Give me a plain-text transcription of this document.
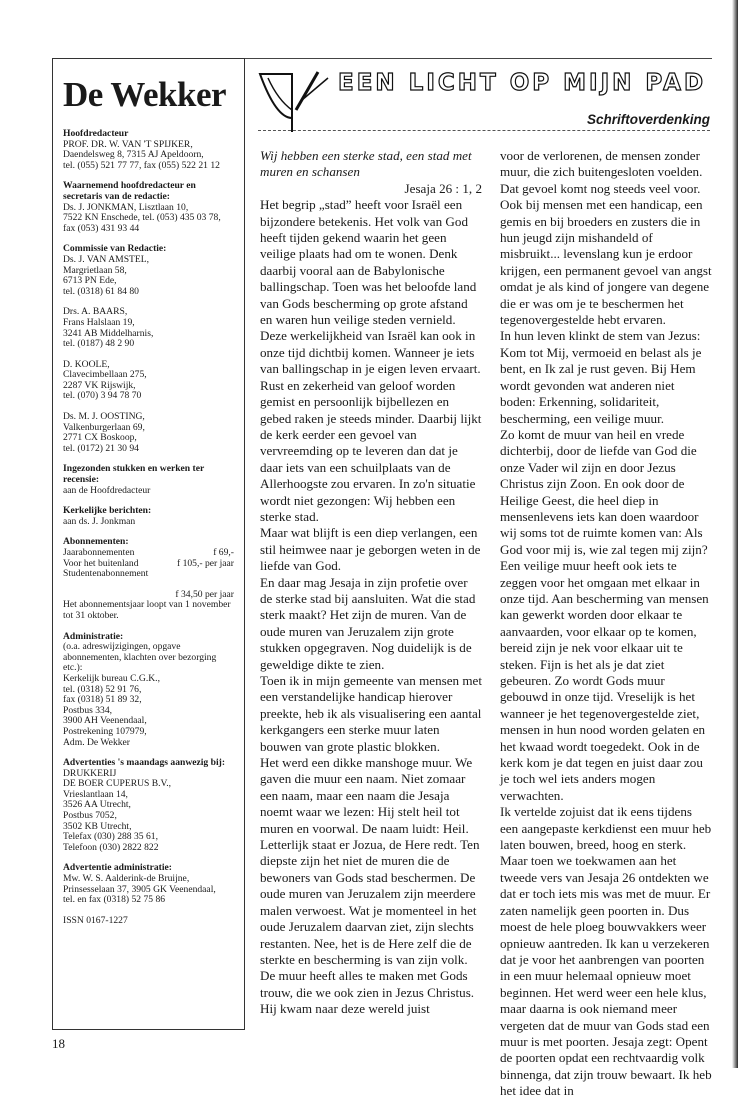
De Wekker
Hoofdredacteur
PROF. DR. W. VAN 'T SPIJKER,
Daendelsweg 8, 7315 AJ Apeldoorn,
tel. (055) 521 77 77, fax (055) 522 21 12
Waarnemend hoofdredacteur en secretaris van de redactie:
Ds. J. JONKMAN, Lisztlaan 10,
7522 KN Enschede, tel. (053) 435 03 78,
fax (053) 431 93 44
Commissie van Redactie:
Ds. J. VAN AMSTEL,
Margrietlaan 58,
6713 PN Ede,
tel. (0318) 61 84 80
Drs. A. BAARS,
Frans Halslaan 19,
3241 AB Middelharnis,
tel. (0187) 48 2 90
D. KOOLE,
Clavecimbellaan 275,
2287 VK Rijswijk,
tel. (070) 3 94 78 70
Ds. M. J. OOSTING,
Valkenburgerlaan 69,
2771 CX Boskoop,
tel. (0172) 21 30 94
Ingezonden stukken en werken ter recensie:
aan de Hoofdredacteur
Kerkelijke berichten:
aan ds. J. Jonkman
Abonnementen:
Jaarabonnementen	f 69,-
Voor het buitenland	f 105,- per jaar
Studentenabonnement
f 34,50 per jaar
Het abonnementsjaar loopt van 1 november tot 31 oktober.
Administratie:
(o.a. adreswijzigingen, opgave abonnementen, klachten over bezorging etc.):
Kerkelijk bureau C.G.K.,
tel. (0318) 52 91 76,
fax (0318) 51 89 32,
Postbus 334,
3900 AH Veenendaal,
Postrekening 107979,
Adm. De Wekker
Advertenties 's maandags aanwezig bij:
DRUKKERIJ
DE BOER CUPERUS B.V.,
Vrieslantlaan 14,
3526 AA Utrecht,
Postbus 7052,
3502 KB Utrecht,
Telefax (030) 288 35 61,
Telefoon (030) 2822 822
Advertentie administratie:
Mw. W. S. Aalderink-de Bruijne,
Prinsesselaan 37, 3905 GK Veenendaal,
tel. en fax (0318) 52 75 86
ISSN 0167-1227
18
EEN LICHT OP MIJN PAD
Schriftoverdenking

Wij hebben een sterke stad, een stad met muren en schansen

Jesaja 26 : 1, 2

Het begrip „stad” heeft voor Israël een bijzondere betekenis. Het volk van God heeft tijden gekend waarin het geen veilige plaats had om te wonen. Denk daarbij vooral aan de Babylonische ballingschap. Toen was het beloofde land van Gods bescherming op grote afstand en waren hun veilige steden vernield.

Deze werkelijkheid van Israël kan ook in onze tijd dichtbij komen. Wanneer je iets van ballingschap in je eigen leven ervaart. Rust en zekerheid van geloof worden gemist en persoonlijk bijbellezen en gebed raken je steeds minder. Daarbij lijkt de kerk eerder een gevoel van vervreemding op te leveren dan dat je daar iets van een schuilplaats van de Allerhoogste zou ervaren. In zo'n situatie wordt niet gezongen: Wij hebben een sterke stad.

Maar wat blijft is een diep verlangen, een stil heimwee naar je geborgen weten in de liefde van God.

En daar mag Jesaja in zijn profetie over de sterke stad bij aansluiten. Wat die stad sterk maakt? Het zijn de muren. Van de oude muren van Jeruzalem zijn grote stukken opgegraven. Nog duidelijk is de geweldige dikte te zien.

Toen ik in mijn gemeente van mensen met een verstandelijke handicap hierover preekte, heb ik als visualisering een aantal kerkgangers een sterke muur laten bouwen van grote plastic blokken.

Het werd een dikke manshoge muur. We gaven die muur een naam. Niet zomaar een naam, maar een naam die Jesaja noemt waar we lezen: Hij stelt heil tot muren en voorwal. De naam luidt: Heil. Letterlijk staat er Jozua, de Here redt. Ten diepste zijn het niet de muren die de bewoners van Gods stad beschermen. De oude muren van Jeruzalem zijn meerdere malen verwoest. Wat je momenteel in het oude Jeruzalem daarvan ziet, zijn slechts restanten. Nee, het is de Here zelf die de sterkte en bescherming is van zijn volk. De muur heeft alles te maken met Gods trouw, die we ook zien in Jezus Christus. Hij kwam naar deze wereld juist

voor de verlorenen, de mensen zonder muur, die zich buitengesloten voelden. Dat gevoel komt nog steeds veel voor. Ook bij mensen met een handicap, een gemis en bij broeders en zusters die in hun jeugd zijn mishandeld of misbruikt... levenslang kun je erdoor krijgen, een permanent gevoel van angst omdat je als kind of jongere van degene die er was om je te beschermen het tegenovergestelde hebt ervaren.

In hun leven klinkt de stem van Jezus: Kom tot Mij, vermoeid en belast als je bent, en Ik zal je rust geven. Bij Hem wordt gevonden wat anderen niet boden: Erkenning, solidariteit, bescherming, een veilige muur.

Zo komt de muur van heil en vrede dichterbij, door de liefde van God die onze Vader wil zijn en door Jezus Christus zijn Zoon. En ook door de Heilige Geest, die heel diep in mensenlevens iets kan doen waardoor wij soms tot de ruimte komen van: Als God voor mij is, wie zal tegen mij zijn? Een veilige muur heeft ook iets te zeggen voor het omgaan met elkaar in onze tijd. Aan bescherming van mensen kan gewerkt worden door elkaar te aanvaarden, voor elkaar op te komen, bereid zijn je nek voor elkaar uit te steken. Fijn is het als je dat ziet gebeuren. Zo wordt Gods muur gebouwd in onze tijd. Vreselijk is het wanneer je het tegenovergestelde ziet, mensen in hun nood worden gelaten en het kwaad wordt toegedekt. Ook in de kerk kom je dat tegen en juist daar zou je toch wel iets anders mogen verwachten.

Ik vertelde zojuist dat ik eens tijdens een aangepaste kerkdienst een muur heb laten bouwen, breed, hoog en sterk. Maar toen we toekwamen aan het tweede vers van Jesaja 26 ontdekten we dat er toch iets mis was met de muur. Er zaten namelijk geen poorten in. Dus moest de hele ploeg bouwvakkers weer opnieuw aantreden. Ik kan u verzekeren dat je voor het aanbrengen van poorten in een muur helemaal opnieuw moet beginnen. Het werd weer een hele klus, maar daarna is ook niemand meer vergeten dat de muur van Gods stad een muur is met poorten. Jesaja zegt: Opent de poorten opdat een rechtvaardig volk binnenga, dat zijn trouw bewaart. Ik heb het idee dat in
